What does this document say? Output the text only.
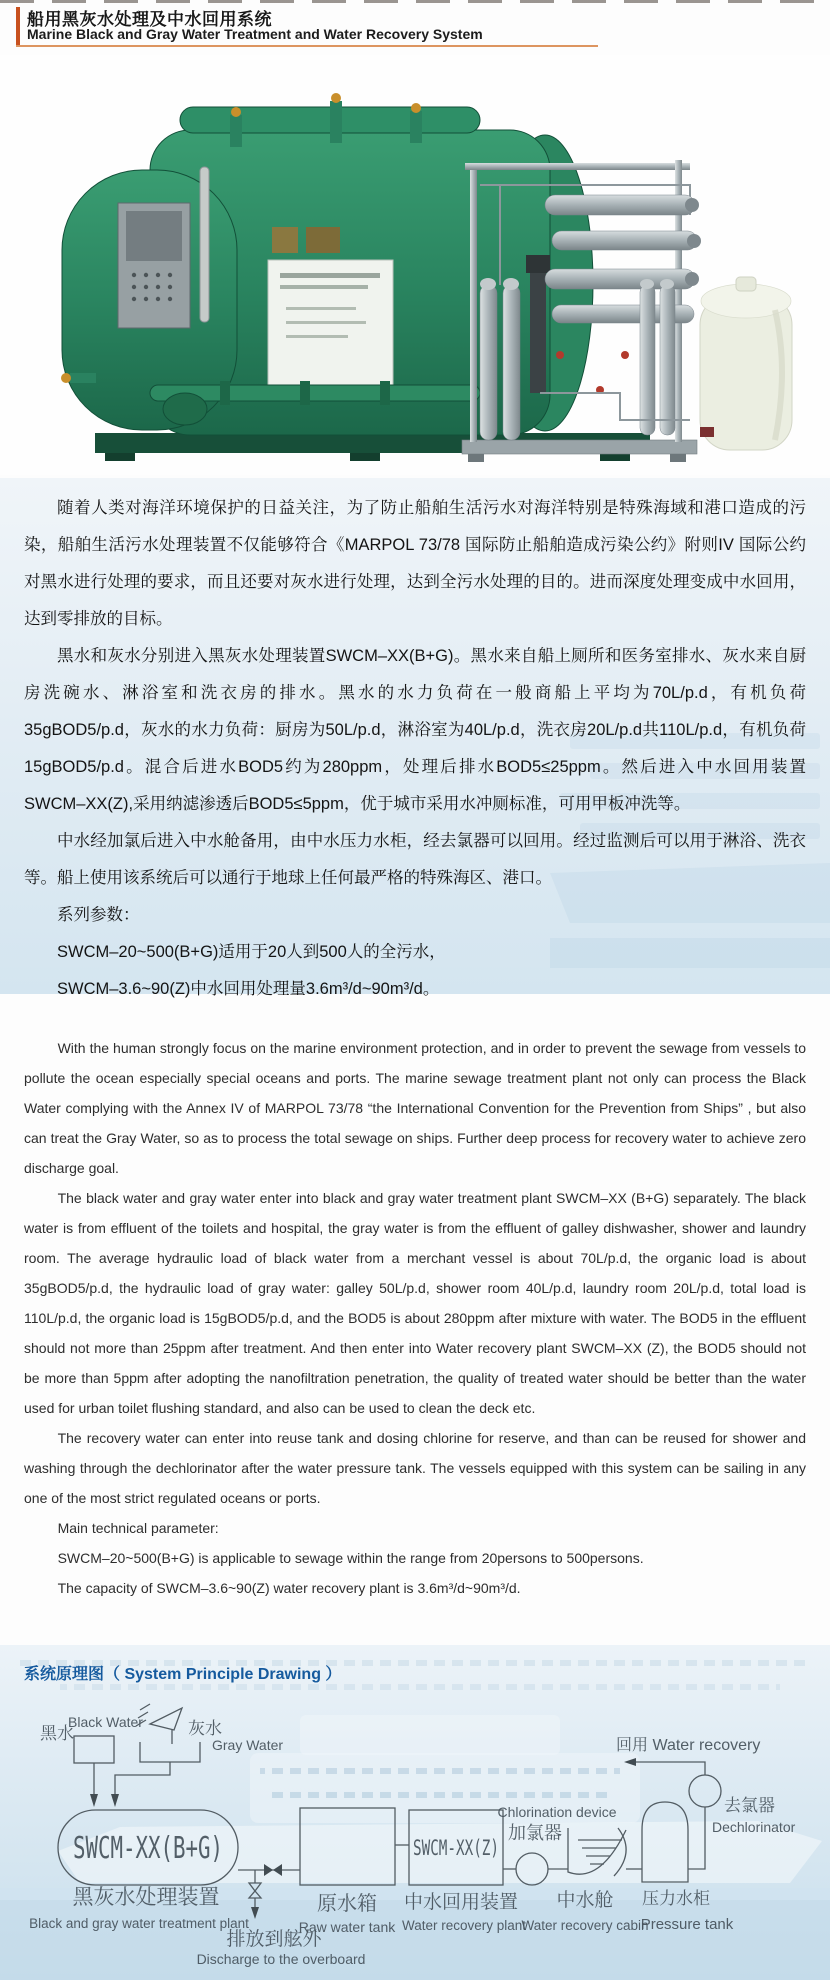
船用黑灰水处理及中水回用系统
Marine Black and Gray Water Treatment and Water Recovery System

随着人类对海洋环境保护的日益关注，为了防止船舶生活污水对海洋特别是特殊海域和港口造成的污染，船舶生活污水处理装置不仅能够符合《MARPOL 73/78 国际防止船舶造成污染公约》附则IV 国际公约对黑水进行处理的要求，而且还要对灰水进行处理，达到全污水处理的目的。进而深度处理变成中水回用，达到零排放的目标。

黑水和灰水分别进入黑灰水处理装置SWCM–XX(B+G)。黑水来自船上厕所和医务室排水、灰水来自厨房洗碗水、淋浴室和洗衣房的排水。黑水的水力负荷在一般商船上平均为70L/p.d，有机负荷35gBOD5/p.d，灰水的水力负荷：厨房为50L/p.d，淋浴室为40L/p.d，洗衣房20L/p.d共110L/p.d，有机负荷15gBOD5/p.d。混合后进水BOD5约为280ppm，处理后排水BOD5≤25ppm。然后进入中水回用装置SWCM–XX(Z),采用纳滤渗透后BOD5≤5ppm，优于城市采用水冲厕标准，可用甲板冲洗等。

中水经加氯后进入中水舱备用，由中水压力水柜，经去氯器可以回用。经过监测后可以用于淋浴、洗衣等。船上使用该系统后可以通行于地球上任何最严格的特殊海区、港口。

系列参数：

SWCM–20~500(B+G)适用于20人到500人的全污水，

SWCM–3.6~90(Z)中水回用处理量3.6m³/d~90m³/d。

With the human strongly focus on the marine environment protection, and in order to prevent the sewage from vessels to pollute the ocean especially special oceans and ports. The marine sewage treatment plant not only can process the Black Water complying with the Annex IV of MARPOL 73/78 “the International Convention for the Prevention from Ships” , but also can treat the Gray Water, so as to process the total sewage on ships. Further deep process for recovery water to achieve zero discharge goal.

The black water and gray water enter into black and gray water treatment plant SWCM–XX (B+G) separately. The black water is from effluent of the toilets and hospital, the gray water is from the effluent of galley dishwasher, shower and laundry room. The average hydraulic load of black water from a merchant vessel is about 70L/p.d, the organic load is about 35gBOD5/p.d, the hydraulic load of gray water: galley 50L/p.d, shower room 40L/p.d, laundry room 20L/p.d, total load is 110L/p.d, the organic load is 15gBOD5/p.d, and the BOD5 is about 280ppm after mixture with water. The BOD5 in the effluent should not more than 25ppm after treatment. And then enter into Water recovery plant SWCM–XX (Z), the BOD5 should not be more than 5ppm after adopting the nanofiltration penetration, the quality of treated water should be better than the water used for urban toilet flushing standard, and also can be used to clean the deck etc.

The recovery water can enter into reuse tank and dosing chlorine for reserve, and than can be reused for shower and washing through the dechlorinator after the water pressure tank. The vessels equipped with this system can be sailing in any one of the most strict regulated oceans or ports.

Main technical parameter:

SWCM–20~500(B+G) is applicable to sewage within the range from 20persons to 500persons.

The capacity of SWCM–3.6~90(Z) water recovery plant is 3.6m³/d~90m³/d.

系统原理图（ System Principle Drawing ）
黑水
Black Water	灰水
Gray Water
SWCM-XX(B+G)
黑灰水处理装置
Black and gray water treatment plant
排放到舷外
Discharge to the overboard
原水箱
Raw water tank
SWCM-XX(Z)
中水回用装置
Water recovery plant
Chlorination device
加氯器
中水舱
Water recovery cabin
压力水柜
Pressure tank
去氯器
Dechlorinator
回用 Water recovery
